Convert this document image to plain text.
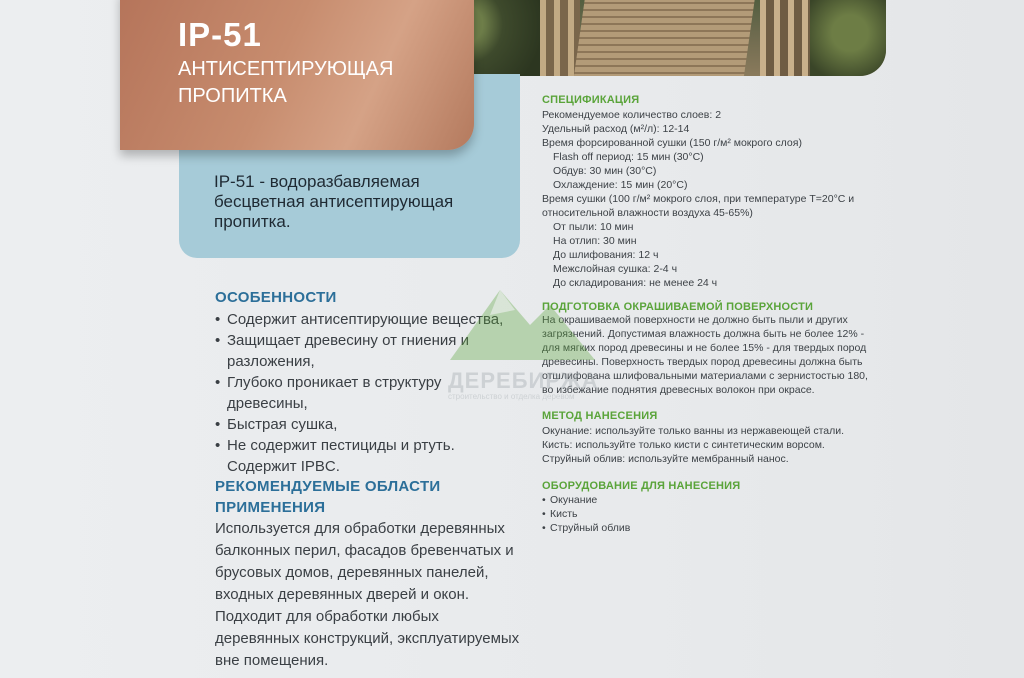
IP-51 - водоразбавляемая бесцветная антисептирующая пропитка.
IP-51
АНТИСЕПТИРУЮЩАЯ ПРОПИТКА
ОСОБЕННОСТИ
• Содержит антисептирующие вещества,
• Защищает древесину от гниения и разложения,
• Глубоко проникает в структуру древесины,
• Быстрая сушка,
• Не содержит пестициды и ртуть. Содержит IPBC.
РЕКОМЕНДУЕМЫЕ ОБЛАСТИ ПРИМЕНЕНИЯ
Используется для обработки деревянных балконных перил, фасадов бревенчатых и брусовых домов, деревянных панелей, входных деревянных дверей и окон. Подходит для обработки любых деревянных конструкций, эксплуатируемых вне помещения.
СПЕЦИФИКАЦИЯ
Рекомендуемое количество слоев: 2
Удельный расход (м²/л): 12-14
Время форсированной сушки (150 г/м² мокрого слоя)
Flash off период: 15 мин (30°С)
Обдув: 30 мин (30°С)
Охлаждение: 15 мин (20°С)
Время сушки (100 г/м² мокрого слоя, при температуре Т=20°С и относительной влажности воздуха 45-65%)
От пыли: 10 мин
На отлип: 30 мин
До шлифования: 12 ч
Межслойная сушка: 2-4 ч
До складирования: не менее 24 ч
ПОДГОТОВКА ОКРАШИВАЕМОЙ ПОВЕРХНОСТИ
На окрашиваемой поверхности не должно быть пыли и других загрязнений. Допустимая влажность должна быть не более 12% - для мягких пород древесины и не более 15% - для твердых пород древесины. Поверхность твердых пород древесины должна быть отшлифована шлифовальными материалами с зернистостью 180, во избежание поднятия древесных волокон при окрасе.
МЕТОД НАНЕСЕНИЯ
Окунание: используйте только ванны из нержавеющей стали.
Кисть: используйте только кисти с синтетическим ворсом.
Струйный облив: используйте мембранный нанос.
ОБОРУДОВАНИЕ ДЛЯ НАНЕСЕНИЯ
• Окунание
• Кисть
• Струйный облив
ДЕРЕБИРЖА
строительство и отделка деревом
